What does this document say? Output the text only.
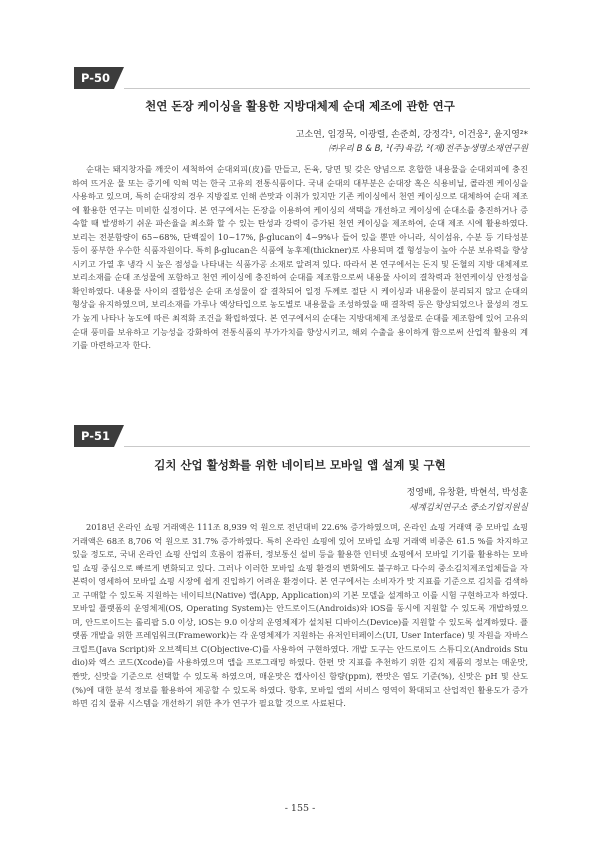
P-50
천연 돈장 케이싱을 활용한 지방대체제 순대 제조에 관한 연구
고소연, 임경묵, 이광렬, 손준희, 강정각¹, 이건웅², 윤지영²*
㈜우리 B & B, ¹(주)육감, ²(재)전주농생명소재연구원

순대는 돼지창자를 깨끗이 세척하여 순대외피(皮)를 만들고, 돈육, 당면 및 갖은 양념으로 혼합한 내용물을 순대외피에 충진하여 뜨거운 물 또는 증기에 익혀 먹는 한국 고유의 전통식품이다. 국내 순대의 대부분은 순대장 혹은 식용비닐, 콜라겐 케이싱을 사용하고 있으며, 특히 순대장의 경우 지방질로 인해 쓴맛과 이취가 있지만 기존 케이싱에서 천연 케이싱으로 대체하여 순대 제조에 활용한 연구는 미비한 실정이다. 본 연구에서는 돈장을 이용하여 케이싱의 색택을 개선하고 케이싱에 순대소를 충진하거나 증숙할 때 발생하기 쉬운 파손율을 최소화 할 수 있는 탄성과 강력이 증가된 천연 케이싱을 제조하여, 순대 제조 시에 활용하였다. 보리는 전분함량이 65~68%, 단백질이 10~17%, β-glucan이 4~9%나 들어 있을 뿐만 아니라, 식이섬유, 수분 등 기타성분 등이 풍부한 우수한 식품자원이다. 특히 β-glucan은 식품에 농후제(thickner)로 사용되며 겔 형성능이 높아 수분 보유력을 향상시키고 가열 후 냉각 시 높은 점성을 나타내는 식품가공 소재로 알려져 있다. 따라서 본 연구에서는 돈지 및 돈혈의 지방 대체제로 보리소재를 순대 조성물에 포함하고 천연 케이싱에 충진하여 순대를 제조함으로써 내용물 사이의 결착력과 천연케이싱 안정성을 확인하였다. 내용물 사이의 결합성은 순대 조성물이 잘 결착되어 일정 두께로 절단 시 케이싱과 내용물이 분리되지 않고 순대의 형상을 유지하였으며, 보리소재를 가루나 액상타입으로 농도별로 내용물을 조성하였을 때 결착력 등은 향상되었으나 물성의 경도가 높게 나타나 농도에 따른 최적화 조건을 확립하였다. 본 연구에서의 순대는 지방대체제 조성물로 순대를 제조함에 있어 고유의 순대 풍미를 보유하고 기능성을 강화하여 전통식품의 부가가치를 향상시키고, 해외 수출을 용이하게 함으로써 산업적 활용의 계기를 마련하고자 한다.

P-51
김치 산업 활성화를 위한 네이티브 모바일 앱 설계 및 구현
정영배, 유창환, 박현석, 박성훈
세계김치연구소 중소기업지원실

2018년 온라인 쇼핑 거래액은 111조 8,939 억 원으로 전년대비 22.6% 증가하였으며, 온라인 쇼핑 거래액 중 모바일 쇼핑 거래액은 68조 8,706 억 원으로 31.7% 증가하였다. 특히 온라인 쇼핑에 있어 모바일 쇼핑 거래액 비중은 61.5 %를 차지하고 있을 정도로, 국내 온라인 쇼핑 산업의 흐름이 컴퓨터, 정보통신 설비 등을 활용한 인터넷 쇼핑에서 모바일 기기를 활용하는 모바일 쇼핑 중심으로 빠르게 변화되고 있다. 그러나 이러한 모바일 쇼핑 환경의 변화에도 불구하고 다수의 중소김치제조업체들을 자본력이 영세하여 모바일 쇼핑 시장에 쉽게 진입하기 어려운 환경이다. 본 연구에서는 소비자가 맛 지표를 기준으로 김치를 검색하고 구매할 수 있도록 지원하는 네이티브(Native) 앱(App, Application)의 기본 모델을 설계하고 이를 시험 구현하고자 하였다. 모바일 플랫폼의 운영체제(OS, Operating System)는 안드로이드(Androids)와 iOS를 동시에 지원할 수 있도록 개발하였으며, 안드로이드는 롤리팝 5.0 이상, iOS는 9.0 이상의 운영체제가 설치된 디바이스(Device)를 지원할 수 있도록 설계하였다. 플랫폼 개발을 위한 프레임워크(Framework)는 각 운영체제가 지원하는 유저인터페이스(UI, User Interface) 및 자원을 자바스크립트(Java Script)와 오브젝티브 C(Objective-C)를 사용하여 구현하였다. 개발 도구는 안드로이드 스튜디오(Androids Studio)와 엑스 코드(Xcode)를 사용하였으며 앱을 프로그래밍 하였다. 한편 맛 지표를 추천하기 위한 김치 제품의 정보는 매운맛, 짠맛, 신맛을 기준으로 선택할 수 있도록 하였으며, 매운맛은 캡사이신 함량(ppm), 짠맛은 염도 기준(%), 신맛은 pH 및 산도(%)에 대한 분석 정보를 활용하여 제공할 수 있도록 하였다. 향후, 모바일 앱의 서비스 영역이 확대되고 산업적인 활용도가 증가하면 김치 물류 시스템을 개선하기 위한 추가 연구가 필요할 것으로 사료된다.

- 155 -
